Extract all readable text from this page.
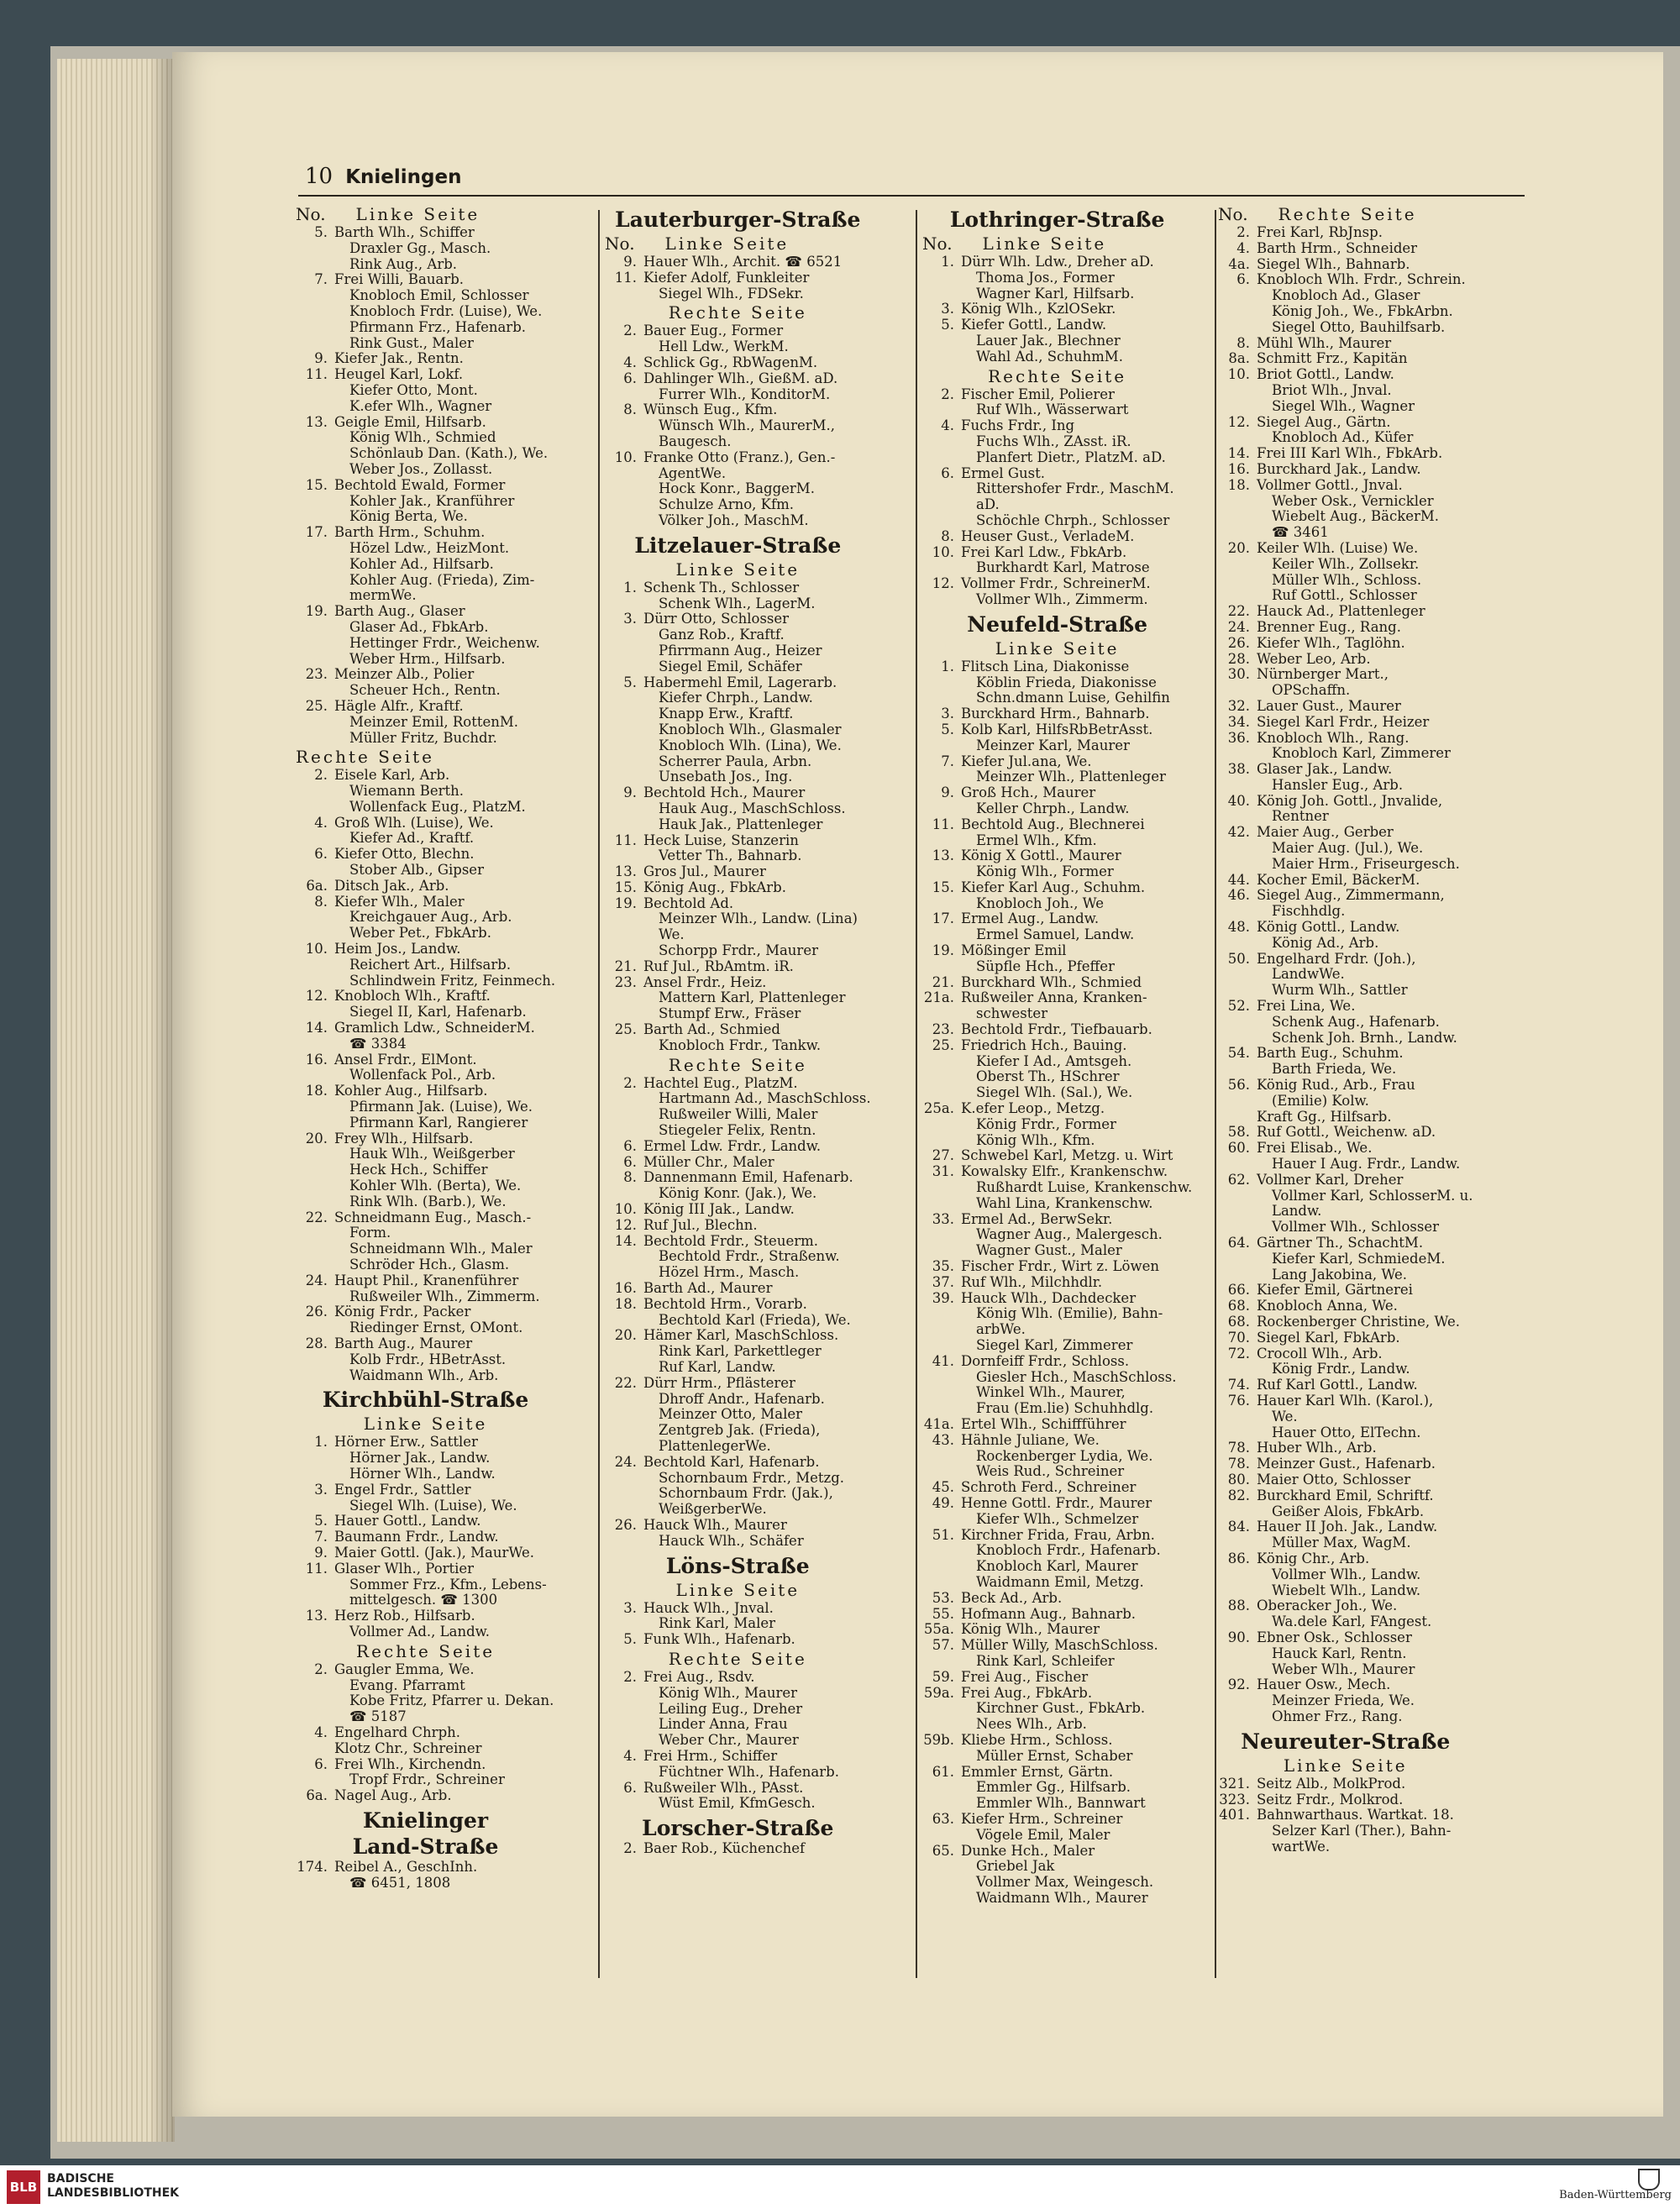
10 Knielingen
No. Linke Seite
5. Barth Wlh., Schiffer
Draxler Gg., Masch.
Rink Aug., Arb.
7. Frei Willi, Bauarb.
Knobloch Emil, Schlosser
Knobloch Frdr. (Luise), We.
Pfirmann Frz., Hafenarb.
Rink Gust., Maler
9. Kiefer Jak., Rentn.
11. Heugel Karl, Lokf.
Kiefer Otto, Mont.
K.efer Wlh., Wagner
13. Geigle Emil, Hilfsarb.
König Wlh., Schmied
Schönlaub Dan. (Kath.), We.
Weber Jos., Zollasst.
15. Bechtold Ewald, Former
Kohler Jak., Kranführer
König Berta, We.
17. Barth Hrm., Schuhm.
Hözel Ldw., HeizMont.
Kohler Ad., Hilfsarb.
Kohler Aug. (Frieda), Zim-
mermWe.
19. Barth Aug., Glaser
Glaser Ad., FbkArb.
Hettinger Frdr., Weichenw.
Weber Hrm., Hilfsarb.
23. Meinzer Alb., Polier
Scheuer Hch., Rentn.
25. Hägle Alfr., Kraftf.
Meinzer Emil, RottenM.
Müller Fritz, Buchdr.
Rechte Seite
2. Eisele Karl, Arb.
Wiemann Berth.
Wollenfack Eug., PlatzM.
4. Groß Wlh. (Luise), We.
Kiefer Ad., Kraftf.
6. Kiefer Otto, Blechn.
Stober Alb., Gipser
6a. Ditsch Jak., Arb.
8. Kiefer Wlh., Maler
Kreichgauer Aug., Arb.
Weber Pet., FbkArb.
10. Heim Jos., Landw.
Reichert Art., Hilfsarb.
Schlindwein Fritz, Feinmech.
12. Knobloch Wlh., Kraftf.
Siegel II, Karl, Hafenarb.
14. Gramlich Ldw., SchneiderM.
☎ 3384
16. Ansel Frdr., ElMont.
Wollenfack Pol., Arb.
18. Kohler Aug., Hilfsarb.
Pfirmann Jak. (Luise), We.
Pfirmann Karl, Rangierer
20. Frey Wlh., Hilfsarb.
Hauk Wlh., Weißgerber
Heck Hch., Schiffer
Kohler Wlh. (Berta), We.
Rink Wlh. (Barb.), We.
22. Schneidmann Eug., Masch.-
Form.
Schneidmann Wlh., Maler
Schröder Hch., Glasm.
24. Haupt Phil., Kranenführer
Rußweiler Wlh., Zimmerm.
26. König Frdr., Packer
Riedinger Ernst, OMont.
28. Barth Aug., Maurer
Kolb Frdr., HBetrAsst.
Waidmann Wlh., Arb.
Kirchbühl-Straße
Linke Seite
1. Hörner Erw., Sattler
Hörner Jak., Landw.
Hörner Wlh., Landw.
3. Engel Frdr., Sattler
Siegel Wlh. (Luise), We.
5. Hauer Gottl., Landw.
7. Baumann Frdr., Landw.
9. Maier Gottl. (Jak.), MaurWe.
11. Glaser Wlh., Portier
Sommer Frz., Kfm., Lebens-
mittelgesch. ☎ 1300
13. Herz Rob., Hilfsarb.
Vollmer Ad., Landw.
Rechte Seite
2. Gaugler Emma, We.
Evang. Pfarramt
Kobe Fritz, Pfarrer u. Dekan.
☎ 5187
4. Engelhard Chrph.
Klotz Chr., Schreiner
6. Frei Wlh., Kirchendn.
Tropf Frdr., Schreiner
6a. Nagel Aug., Arb.
Knielinger
Land-Straße
174. Reibel A., GeschInh.
☎ 6451, 1808
Lauterburger-Straße
No. Linke Seite
9. Hauer Wlh., Archit. ☎ 6521
11. Kiefer Adolf, Funkleiter
Siegel Wlh., FDSekr.
Rechte Seite
2. Bauer Eug., Former
Hell Ldw., WerkM.
4. Schlick Gg., RbWagenM.
6. Dahlinger Wlh., GießM. aD.
Furrer Wlh., KonditorM.
8. Wünsch Eug., Kfm.
Wünsch Wlh., MaurerM.,
Baugesch.
10. Franke Otto (Franz.), Gen.-
AgentWe.
Hock Konr., BaggerM.
Schulze Arno, Kfm.
Völker Joh., MaschM.
Litzelauer-Straße
Linke Seite
1. Schenk Th., Schlosser
Schenk Wlh., LagerM.
3. Dürr Otto, Schlosser
Ganz Rob., Kraftf.
Pfirrmann Aug., Heizer
Siegel Emil, Schäfer
5. Habermehl Emil, Lagerarb.
Kiefer Chrph., Landw.
Knapp Erw., Kraftf.
Knobloch Wlh., Glasmaler
Knobloch Wlh. (Lina), We.
Scherrer Paula, Arbn.
Unsebath Jos., Ing.
9. Bechtold Hch., Maurer
Hauk Aug., MaschSchloss.
Hauk Jak., Plattenleger
11. Heck Luise, Stanzerin
Vetter Th., Bahnarb.
13. Gros Jul., Maurer
15. König Aug., FbkArb.
19. Bechtold Ad.
Meinzer Wlh., Landw. (Lina)
We.
Schorpp Frdr., Maurer
21. Ruf Jul., RbAmtm. iR.
23. Ansel Frdr., Heiz.
Mattern Karl, Plattenleger
Stumpf Erw., Fräser
25. Barth Ad., Schmied
Knobloch Frdr., Tankw.
Rechte Seite
2. Hachtel Eug., PlatzM.
Hartmann Ad., MaschSchloss.
Rußweiler Willi, Maler
Stiegeler Felix, Rentn.
6. Ermel Ldw. Frdr., Landw.
6. Müller Chr., Maler
8. Dannenmann Emil, Hafenarb.
König Konr. (Jak.), We.
10. König III Jak., Landw.
12. Ruf Jul., Blechn.
14. Bechtold Frdr., Steuerm.
Bechtold Frdr., Straßenw.
Hözel Hrm., Masch.
16. Barth Ad., Maurer
18. Bechtold Hrm., Vorarb.
Bechtold Karl (Frieda), We.
20. Hämer Karl, MaschSchloss.
Rink Karl, Parkettleger
Ruf Karl, Landw.
22. Dürr Hrm., Pflästerer
Dhroff Andr., Hafenarb.
Meinzer Otto, Maler
Zentgreb Jak. (Frieda),
PlattenlegerWe.
24. Bechtold Karl, Hafenarb.
Schornbaum Frdr., Metzg.
Schornbaum Frdr. (Jak.),
WeißgerberWe.
26. Hauck Wlh., Maurer
Hauck Wlh., Schäfer
Löns-Straße
Linke Seite
3. Hauck Wlh., Jnval.
Rink Karl, Maler
5. Funk Wlh., Hafenarb.
Rechte Seite
2. Frei Aug., Rsdv.
König Wlh., Maurer
Leiling Eug., Dreher
Linder Anna, Frau
Weber Chr., Maurer
4. Frei Hrm., Schiffer
Füchtner Wlh., Hafenarb.
6. Rußweiler Wlh., PAsst.
Wüst Emil, KfmGesch.
Lorscher-Straße
2. Baer Rob., Küchenchef
Lothringer-Straße
No. Linke Seite
1. Dürr Wlh. Ldw., Dreher aD.
Thoma Jos., Former
Wagner Karl, Hilfsarb.
3. König Wlh., KzlOSekr.
5. Kiefer Gottl., Landw.
Lauer Jak., Blechner
Wahl Ad., SchuhmM.
Rechte Seite
2. Fischer Emil, Polierer
Ruf Wlh., Wässerwart
4. Fuchs Frdr., Ing
Fuchs Wlh., ZAsst. iR.
Planfert Dietr., PlatzM. aD.
6. Ermel Gust.
Rittershofer Frdr., MaschM.
aD.
Schöchle Chrph., Schlosser
8. Heuser Gust., VerladeM.
10. Frei Karl Ldw., FbkArb.
Burkhardt Karl, Matrose
12. Vollmer Frdr., SchreinerM.
Vollmer Wlh., Zimmerm.
Neufeld-Straße
Linke Seite
1. Flitsch Lina, Diakonisse
Köblin Frieda, Diakonisse
Schn.dmann Luise, Gehilfin
3. Burckhard Hrm., Bahnarb.
5. Kolb Karl, HilfsRbBetrAsst.
Meinzer Karl, Maurer
7. Kiefer Jul.ana, We.
Meinzer Wlh., Plattenleger
9. Groß Hch., Maurer
Keller Chrph., Landw.
11. Bechtold Aug., Blechnerei
Ermel Wlh., Kfm.
13. König X Gottl., Maurer
König Wlh., Former
15. Kiefer Karl Aug., Schuhm.
Knobloch Joh., We
17. Ermel Aug., Landw.
Ermel Samuel, Landw.
19. Mößinger Emil
Süpfle Hch., Pfeffer
21. Burckhard Wlh., Schmied
21a. Rußweiler Anna, Kranken-
schwester
23. Bechtold Frdr., Tiefbauarb.
25. Friedrich Hch., Bauing.
Kiefer I Ad., Amtsgeh.
Oberst Th., HSchrer
Siegel Wlh. (Sal.), We.
25a. K.efer Leop., Metzg.
König Frdr., Former
König Wlh., Kfm.
27. Schwebel Karl, Metzg. u. Wirt
31. Kowalsky Elfr., Krankenschw.
Rußhardt Luise, Krankenschw.
Wahl Lina, Krankenschw.
33. Ermel Ad., BerwSekr.
Wagner Aug., Malergesch.
Wagner Gust., Maler
35. Fischer Frdr., Wirt z. Löwen
37. Ruf Wlh., Milchhdlr.
39. Hauck Wlh., Dachdecker
König Wlh. (Emilie), Bahn-
arbWe.
Siegel Karl, Zimmerer
41. Dornfeiff Frdr., Schloss.
Giesler Hch., MaschSchloss.
Winkel Wlh., Maurer,
Frau (Em.lie) Schuhhdlg.
41a. Ertel Wlh., Schiffführer
43. Hähnle Juliane, We.
Rockenberger Lydia, We.
Weis Rud., Schreiner
45. Schroth Ferd., Schreiner
49. Henne Gottl. Frdr., Maurer
Kiefer Wlh., Schmelzer
51. Kirchner Frida, Frau, Arbn.
Knobloch Frdr., Hafenarb.
Knobloch Karl, Maurer
Waidmann Emil, Metzg.
53. Beck Ad., Arb.
55. Hofmann Aug., Bahnarb.
55a. König Wlh., Maurer
57. Müller Willy, MaschSchloss.
Rink Karl, Schleifer
59. Frei Aug., Fischer
59a. Frei Aug., FbkArb.
Kirchner Gust., FbkArb.
Nees Wlh., Arb.
59b. Kliebe Hrm., Schloss.
Müller Ernst, Schaber
61. Emmler Ernst, Gärtn.
Emmler Gg., Hilfsarb.
Emmler Wlh., Bannwart
63. Kiefer Hrm., Schreiner
Vögele Emil, Maler
65. Dunke Hch., Maler
Griebel Jak
Vollmer Max, Weingesch.
Waidmann Wlh., Maurer
No. Rechte Seite
2. Frei Karl, RbJnsp.
4. Barth Hrm., Schneider
4a. Siegel Wlh., Bahnarb.
6. Knobloch Wlh. Frdr., Schrein.
Knobloch Ad., Glaser
König Joh., We., FbkArbn.
Siegel Otto, Bauhilfsarb.
8. Mühl Wlh., Maurer
8a. Schmitt Frz., Kapitän
10. Briot Gottl., Landw.
Briot Wlh., Jnval.
Siegel Wlh., Wagner
12. Siegel Aug., Gärtn.
Knobloch Ad., Küfer
14. Frei III Karl Wlh., FbkArb.
16. Burckhard Jak., Landw.
18. Vollmer Gottl., Jnval.
Weber Osk., Vernickler
Wiebelt Aug., BäckerM.
☎ 3461
20. Keiler Wlh. (Luise) We.
Keiler Wlh., Zollsekr.
Müller Wlh., Schloss.
Ruf Gottl., Schlosser
22. Hauck Ad., Plattenleger
24. Brenner Eug., Rang.
26. Kiefer Wlh., Taglöhn.
28. Weber Leo, Arb.
30. Nürnberger Mart.,
OPSchaffn.
32. Lauer Gust., Maurer
34. Siegel Karl Frdr., Heizer
36. Knobloch Wlh., Rang.
Knobloch Karl, Zimmerer
38. Glaser Jak., Landw.
Hansler Eug., Arb.
40. König Joh. Gottl., Jnvalide,
Rentner
42. Maier Aug., Gerber
Maier Aug. (Jul.), We.
Maier Hrm., Friseurgesch.
44. Kocher Emil, BäckerM.
46. Siegel Aug., Zimmermann,
Fischhdlg.
48. König Gottl., Landw.
König Ad., Arb.
50. Engelhard Frdr. (Joh.),
LandwWe.
Wurm Wlh., Sattler
52. Frei Lina, We.
Schenk Aug., Hafenarb.
Schenk Joh. Brnh., Landw.
54. Barth Eug., Schuhm.
Barth Frieda, We.
56. König Rud., Arb., Frau
(Emilie) Kolw.
Kraft Gg., Hilfsarb.
58. Ruf Gottl., Weichenw. aD.
60. Frei Elisab., We.
Hauer I Aug. Frdr., Landw.
62. Vollmer Karl, Dreher
Vollmer Karl, SchlosserM. u.
Landw.
Vollmer Wlh., Schlosser
64. Gärtner Th., SchachtM.
Kiefer Karl, SchmiedeM.
Lang Jakobina, We.
66. Kiefer Emil, Gärtnerei
68. Knobloch Anna, We.
68. Rockenberger Christine, We.
70. Siegel Karl, FbkArb.
72. Crocoll Wlh., Arb.
König Frdr., Landw.
74. Ruf Karl Gottl., Landw.
76. Hauer Karl Wlh. (Karol.),
We.
Hauer Otto, ElTechn.
78. Huber Wlh., Arb.
78. Meinzer Gust., Hafenarb.
80. Maier Otto, Schlosser
82. Burckhard Emil, Schriftf.
Geißer Alois, FbkArb.
84. Hauer II Joh. Jak., Landw.
Müller Max, WagM.
86. König Chr., Arb.
Vollmer Wlh., Landw.
Wiebelt Wlh., Landw.
88. Oberacker Joh., We.
Wa.dele Karl, FAngest.
90. Ebner Osk., Schlosser
Hauck Karl, Rentn.
Weber Wlh., Maurer
92. Hauer Osw., Mech.
Meinzer Frieda, We.
Ohmer Frz., Rang.
Neureuter-Straße
Linke Seite
321. Seitz Alb., MolkProd.
323. Seitz Frdr., Molkrod.
401. Bahnwarthaus. Wartkat. 18.
Selzer Karl (Ther.), Bahn-
wartWe.
BLB
BADISCHE
LANDESBIBLIOTHEK	Baden-Württemberg
